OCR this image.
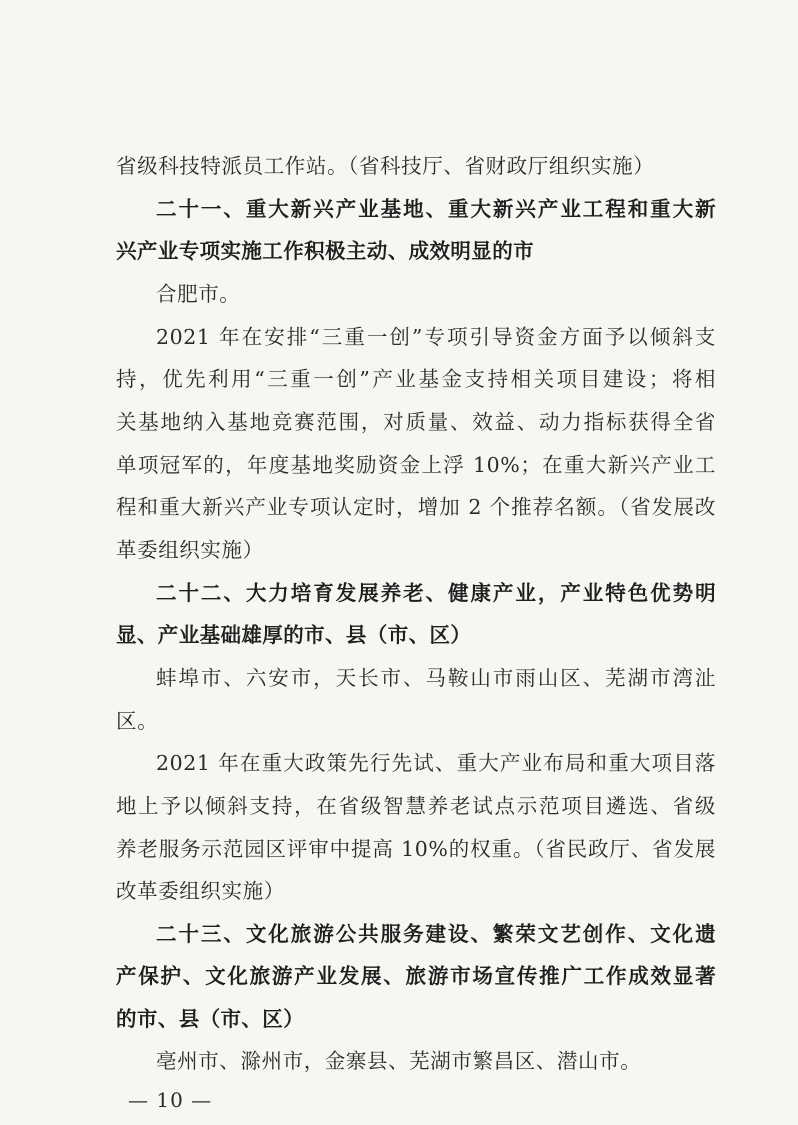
省级科技特派员工作站。（省科技厅、省财政厅组织实施）
二十一、重大新兴产业基地、重大新兴产业工程和重大新
兴产业专项实施工作积极主动、成效明显的市
合肥市。
2021 年在安排“三重一创”专项引导资金方面予以倾斜支
持，优先利用“三重一创”产业基金支持相关项目建设；将相
关基地纳入基地竞赛范围，对质量、效益、动力指标获得全省
单项冠军的，年度基地奖励资金上浮 10%；在重大新兴产业工
程和重大新兴产业专项认定时，增加 2 个推荐名额。（省发展改
革委组织实施）
二十二、大力培育发展养老、健康产业，产业特色优势明
显、产业基础雄厚的市、县（市、区）
蚌埠市、六安市，天长市、马鞍山市雨山区、芜湖市湾沚
区。
2021 年在重大政策先行先试、重大产业布局和重大项目落
地上予以倾斜支持，在省级智慧养老试点示范项目遴选、省级
养老服务示范园区评审中提高 10%的权重。（省民政厅、省发展
改革委组织实施）
二十三、文化旅游公共服务建设、繁荣文艺创作、文化遗
产保护、文化旅游产业发展、旅游市场宣传推广工作成效显著
的市、县（市、区）
亳州市、滁州市，金寨县、芜湖市繁昌区、潜山市。
— 10 —
